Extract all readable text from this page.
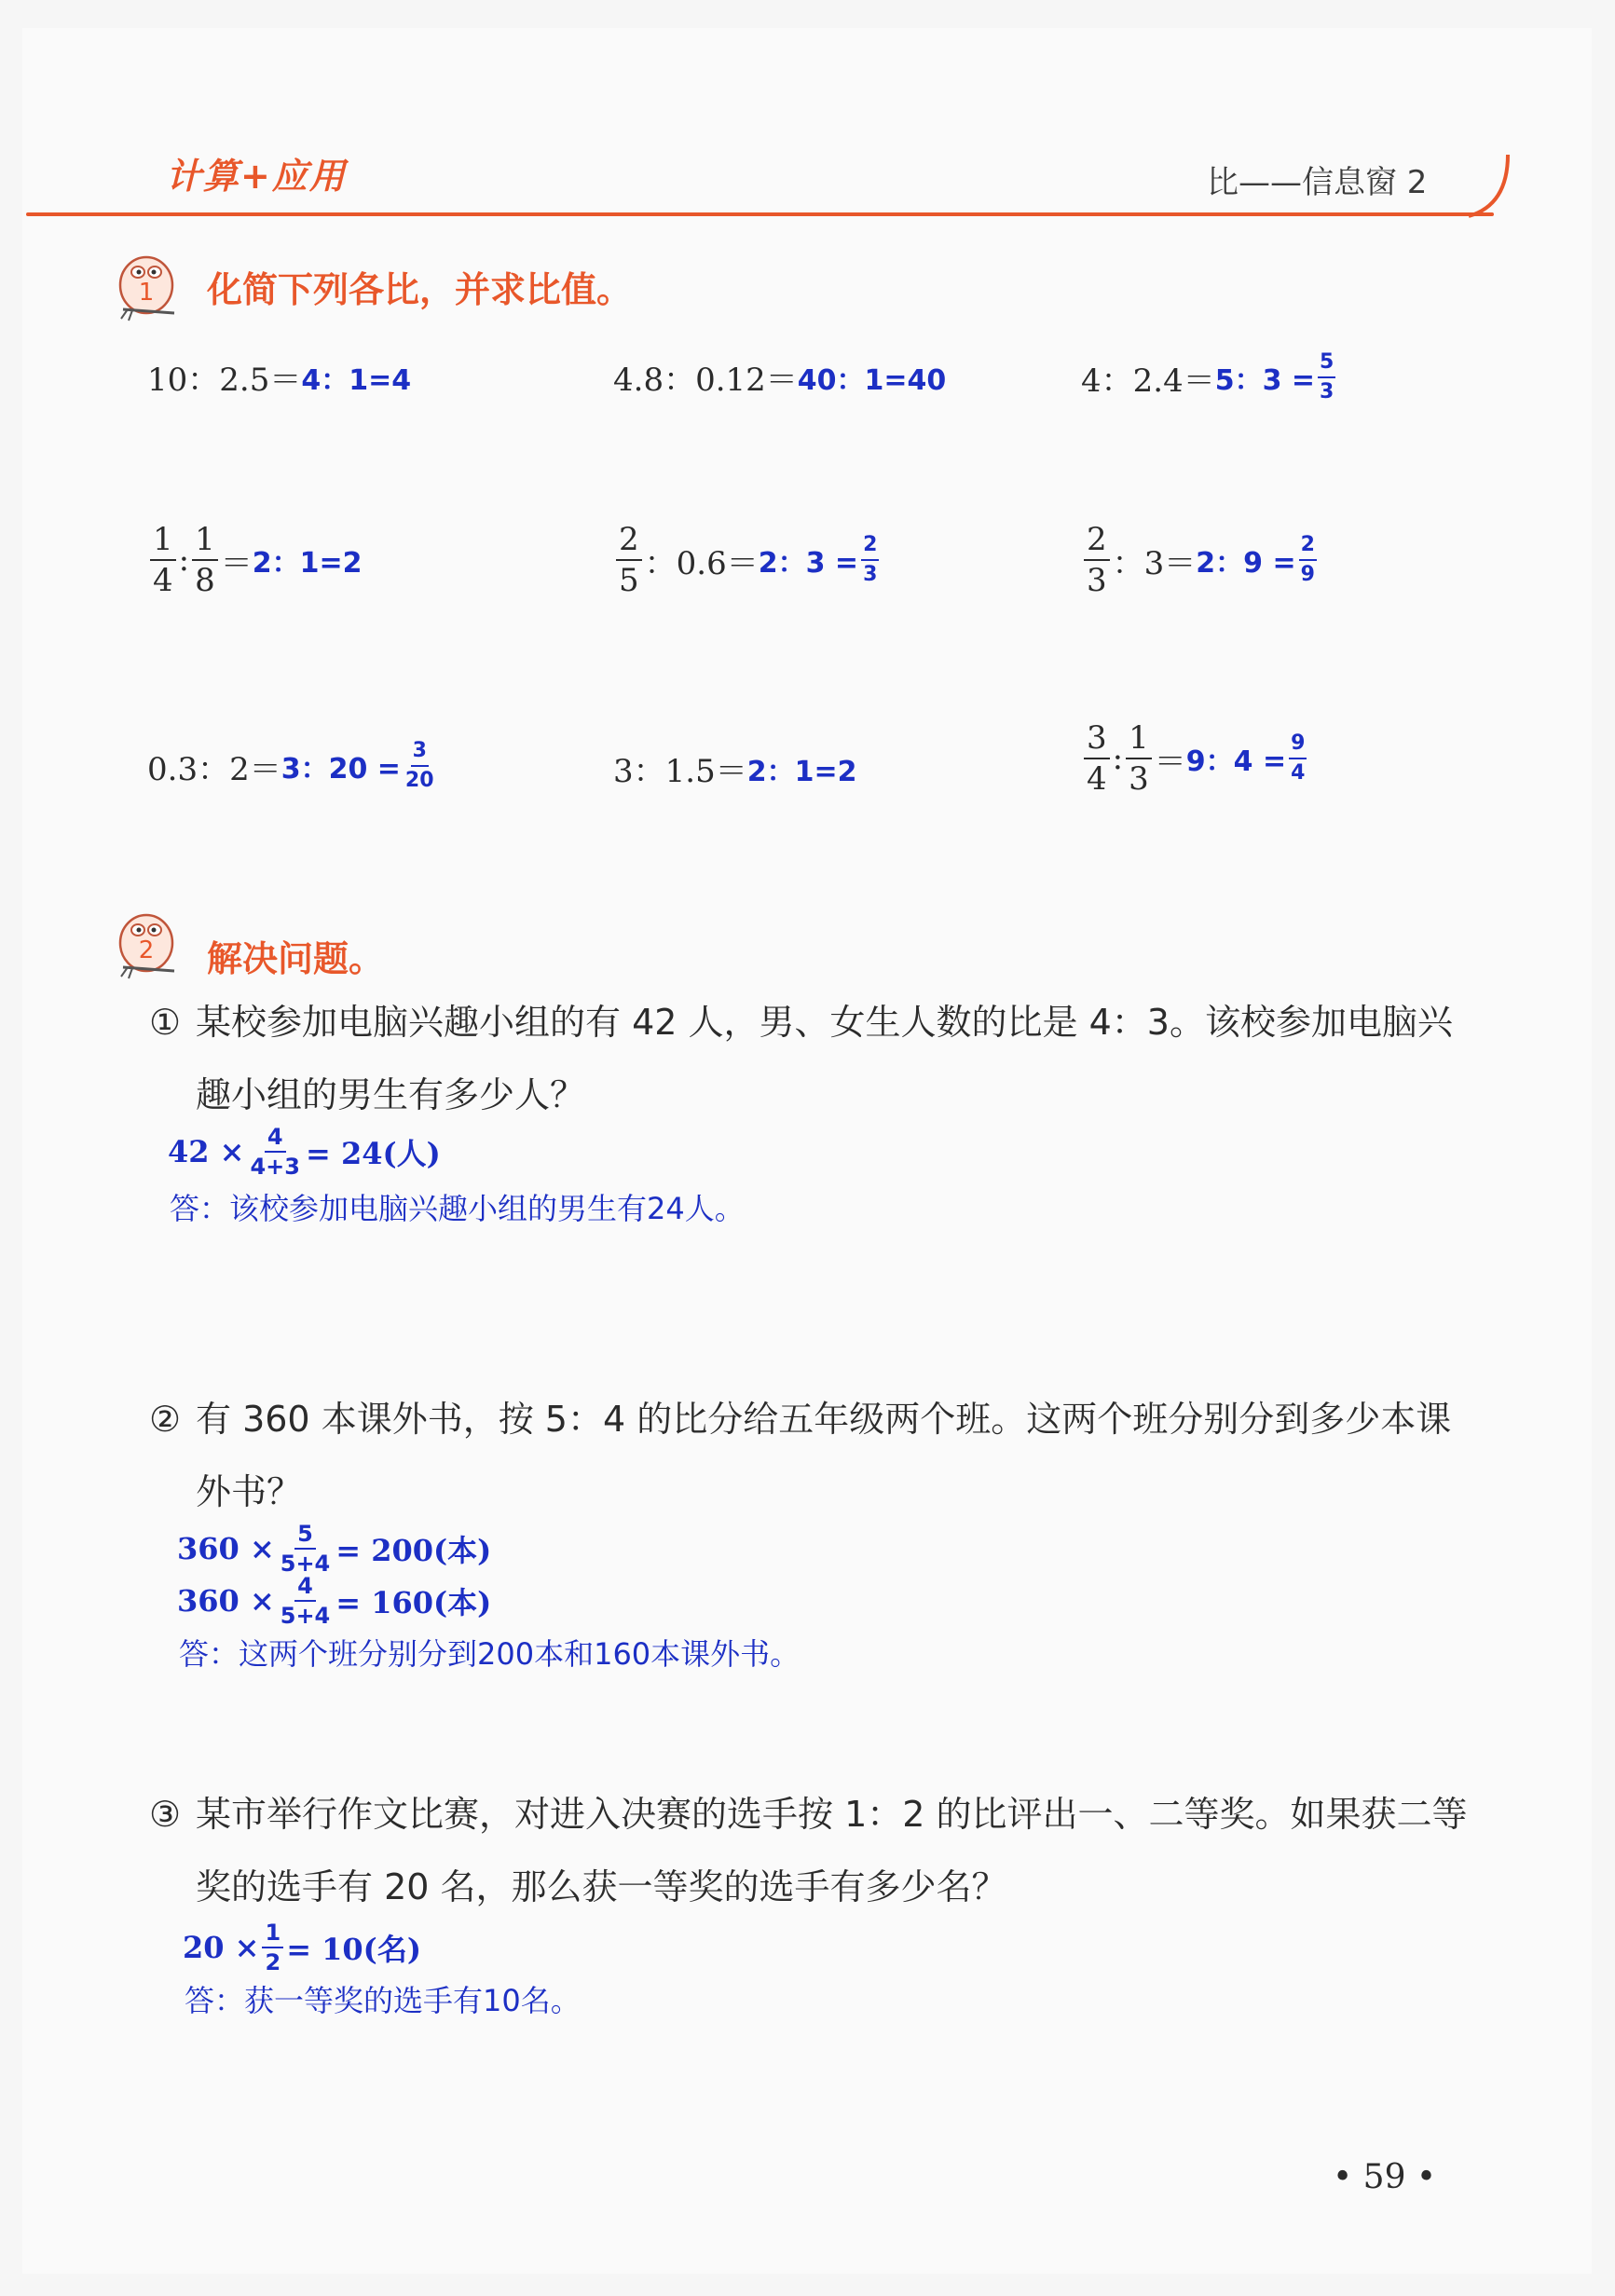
计算+应用	比——信息窗 2
1 化简下列各比，并求比值。
10：2.5＝ 4：1=4	4.8：0.12＝ 40：1=40	4：2.4＝ 5：$3 = \frac{5}{3}$
$\frac{1}{4}$ : $\frac{1}{8} = 2$：1=2	$\frac{2}{5}$ ：0.6＝ 2：$3 = \frac{2}{3}$	$\frac{2}{3}$ ：3＝ 2：$9 = \frac{2}{9}$
0.3：2＝ 3：$20 = \frac{3}{20}$	3：1.5＝ 2：1=2	$\frac{3}{4}$ : $\frac{1}{3} = 9$：$4 = \frac{9}{4}$
2 解决问题。
① 某校参加电脑兴趣小组的有 42 人，男、女生人数的比是 4：3。该校参加电脑兴
趣小组的男生有多少人？
$42 \times \frac{4}{4+3} = 24$(人)
答：该校参加电脑兴趣小组的男生有24人。
② 有 360 本课外书，按 5：4 的比分给五年级两个班。这两个班分别分到多少本课
外书？
$360 \times \frac{5}{5+4} = 200$(本)
$360 \times \frac{4}{5+4} = 160$(本)
答：这两个班分别分到200本和160本课外书。
③ 某市举行作文比赛，对进入决赛的选手按 1：2 的比评出一、二等奖。如果获二等
奖的选手有 20 名，那么获一等奖的选手有多少名？
$20 \times \frac{1}{2} = 10$(名)
答：获一等奖的选手有10名。
• 59 •
